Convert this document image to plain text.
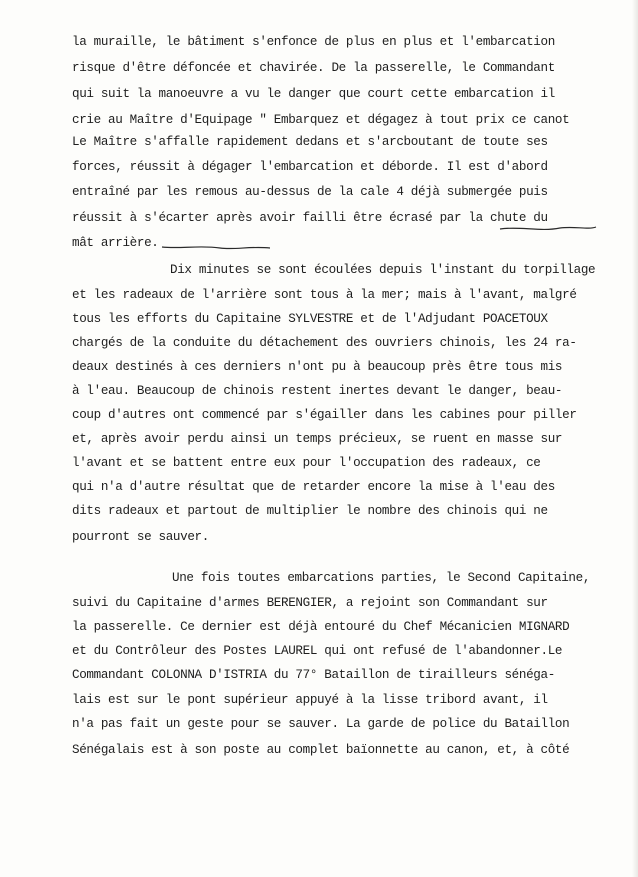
la muraille, le bâtiment s'enfonce de plus en plus et l'embarcation

risque d'être défoncée et chavirée. De la passerelle, le Commandant

qui suit la manoeuvre a vu le danger que court cette embarcation il

crie au Maître d'Equipage " Embarquez et dégagez à tout prix ce canot

Le Maître s'affalle rapidement dedans et s'arcboutant de toute ses

forces, réussit à dégager l'embarcation et déborde. Il est d'abord

entraîné par les remous au-dessus de la cale 4 déjà submergée puis

réussit à s'écarter après avoir failli être écrasé par la chute du

mât arrière.

Dix minutes se sont écoulées depuis l'instant du torpillage

et les radeaux de l'arrière sont tous à la mer; mais à l'avant, malgré

tous les efforts du Capitaine SYLVESTRE et de l'Adjudant POACETOUX

chargés de la conduite du détachement des ouvriers chinois, les 24 ra-

deaux destinés à ces derniers n'ont pu à beaucoup près être tous mis

à l'eau. Beaucoup de chinois restent inertes devant le danger, beau-

coup d'autres ont commencé par s'égailler dans les cabines pour piller

et, après avoir perdu ainsi un temps précieux, se ruent en masse sur

l'avant et se battent entre eux pour l'occupation des radeaux, ce

qui n'a d'autre résultat que de retarder encore la mise à l'eau des

dits radeaux et partout de multiplier le nombre des chinois qui ne

pourront se sauver.

Une fois toutes embarcations parties, le Second Capitaine,

suivi du Capitaine d'armes BERENGIER, a rejoint son Commandant sur

la passerelle. Ce dernier est déjà entouré du Chef Mécanicien MIGNARD

et du Contrôleur des Postes LAUREL qui ont refusé de l'abandonner.Le

Commandant COLONNA D'ISTRIA du 77° Bataillon de tirailleurs sénéga-

lais est sur le pont supérieur appuyé à la lisse tribord avant, il

n'a pas fait un geste pour se sauver. La garde de police du Bataillon

Sénégalais est à son poste au complet baïonnette au canon, et, à côté
